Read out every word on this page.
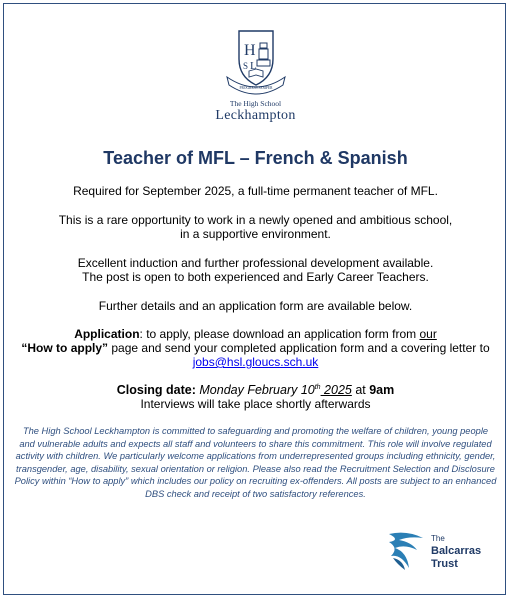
H
L
S
PROGRESS SEMPER
The High School
Leckhampton
Teacher of MFL – French & Spanish
Required for September 2025, a full-time permanent teacher of MFL.
This is a rare opportunity to work in a newly opened and ambitious school,
in a supportive environment.
Excellent induction and further professional development available.
The post is open to both experienced and Early Career Teachers.
Further details and an application form are available below.
Application: to apply, please download an application form from our
“How to apply” page and send your completed application form and a covering letter to
jobs@hsl.gloucs.sch.uk
Closing date: Monday February 10th 2025 at 9am
Interviews will take place shortly afterwards
The High School Leckhampton is committed to safeguarding and promoting the welfare of children, young people and vulnerable adults and expects all staff and volunteers to share this commitment. This role will involve regulated activity with children. We particularly welcome applications from underrepresented groups including ethnicity, gender, transgender, age, disability, sexual orientation or religion. Please also read the Recruitment Selection and Disclosure Policy within “How to apply” which includes our policy on recruiting ex-offenders. All posts are subject to an enhanced DBS check and receipt of two satisfactory references.
The
Balcarras
Trust
